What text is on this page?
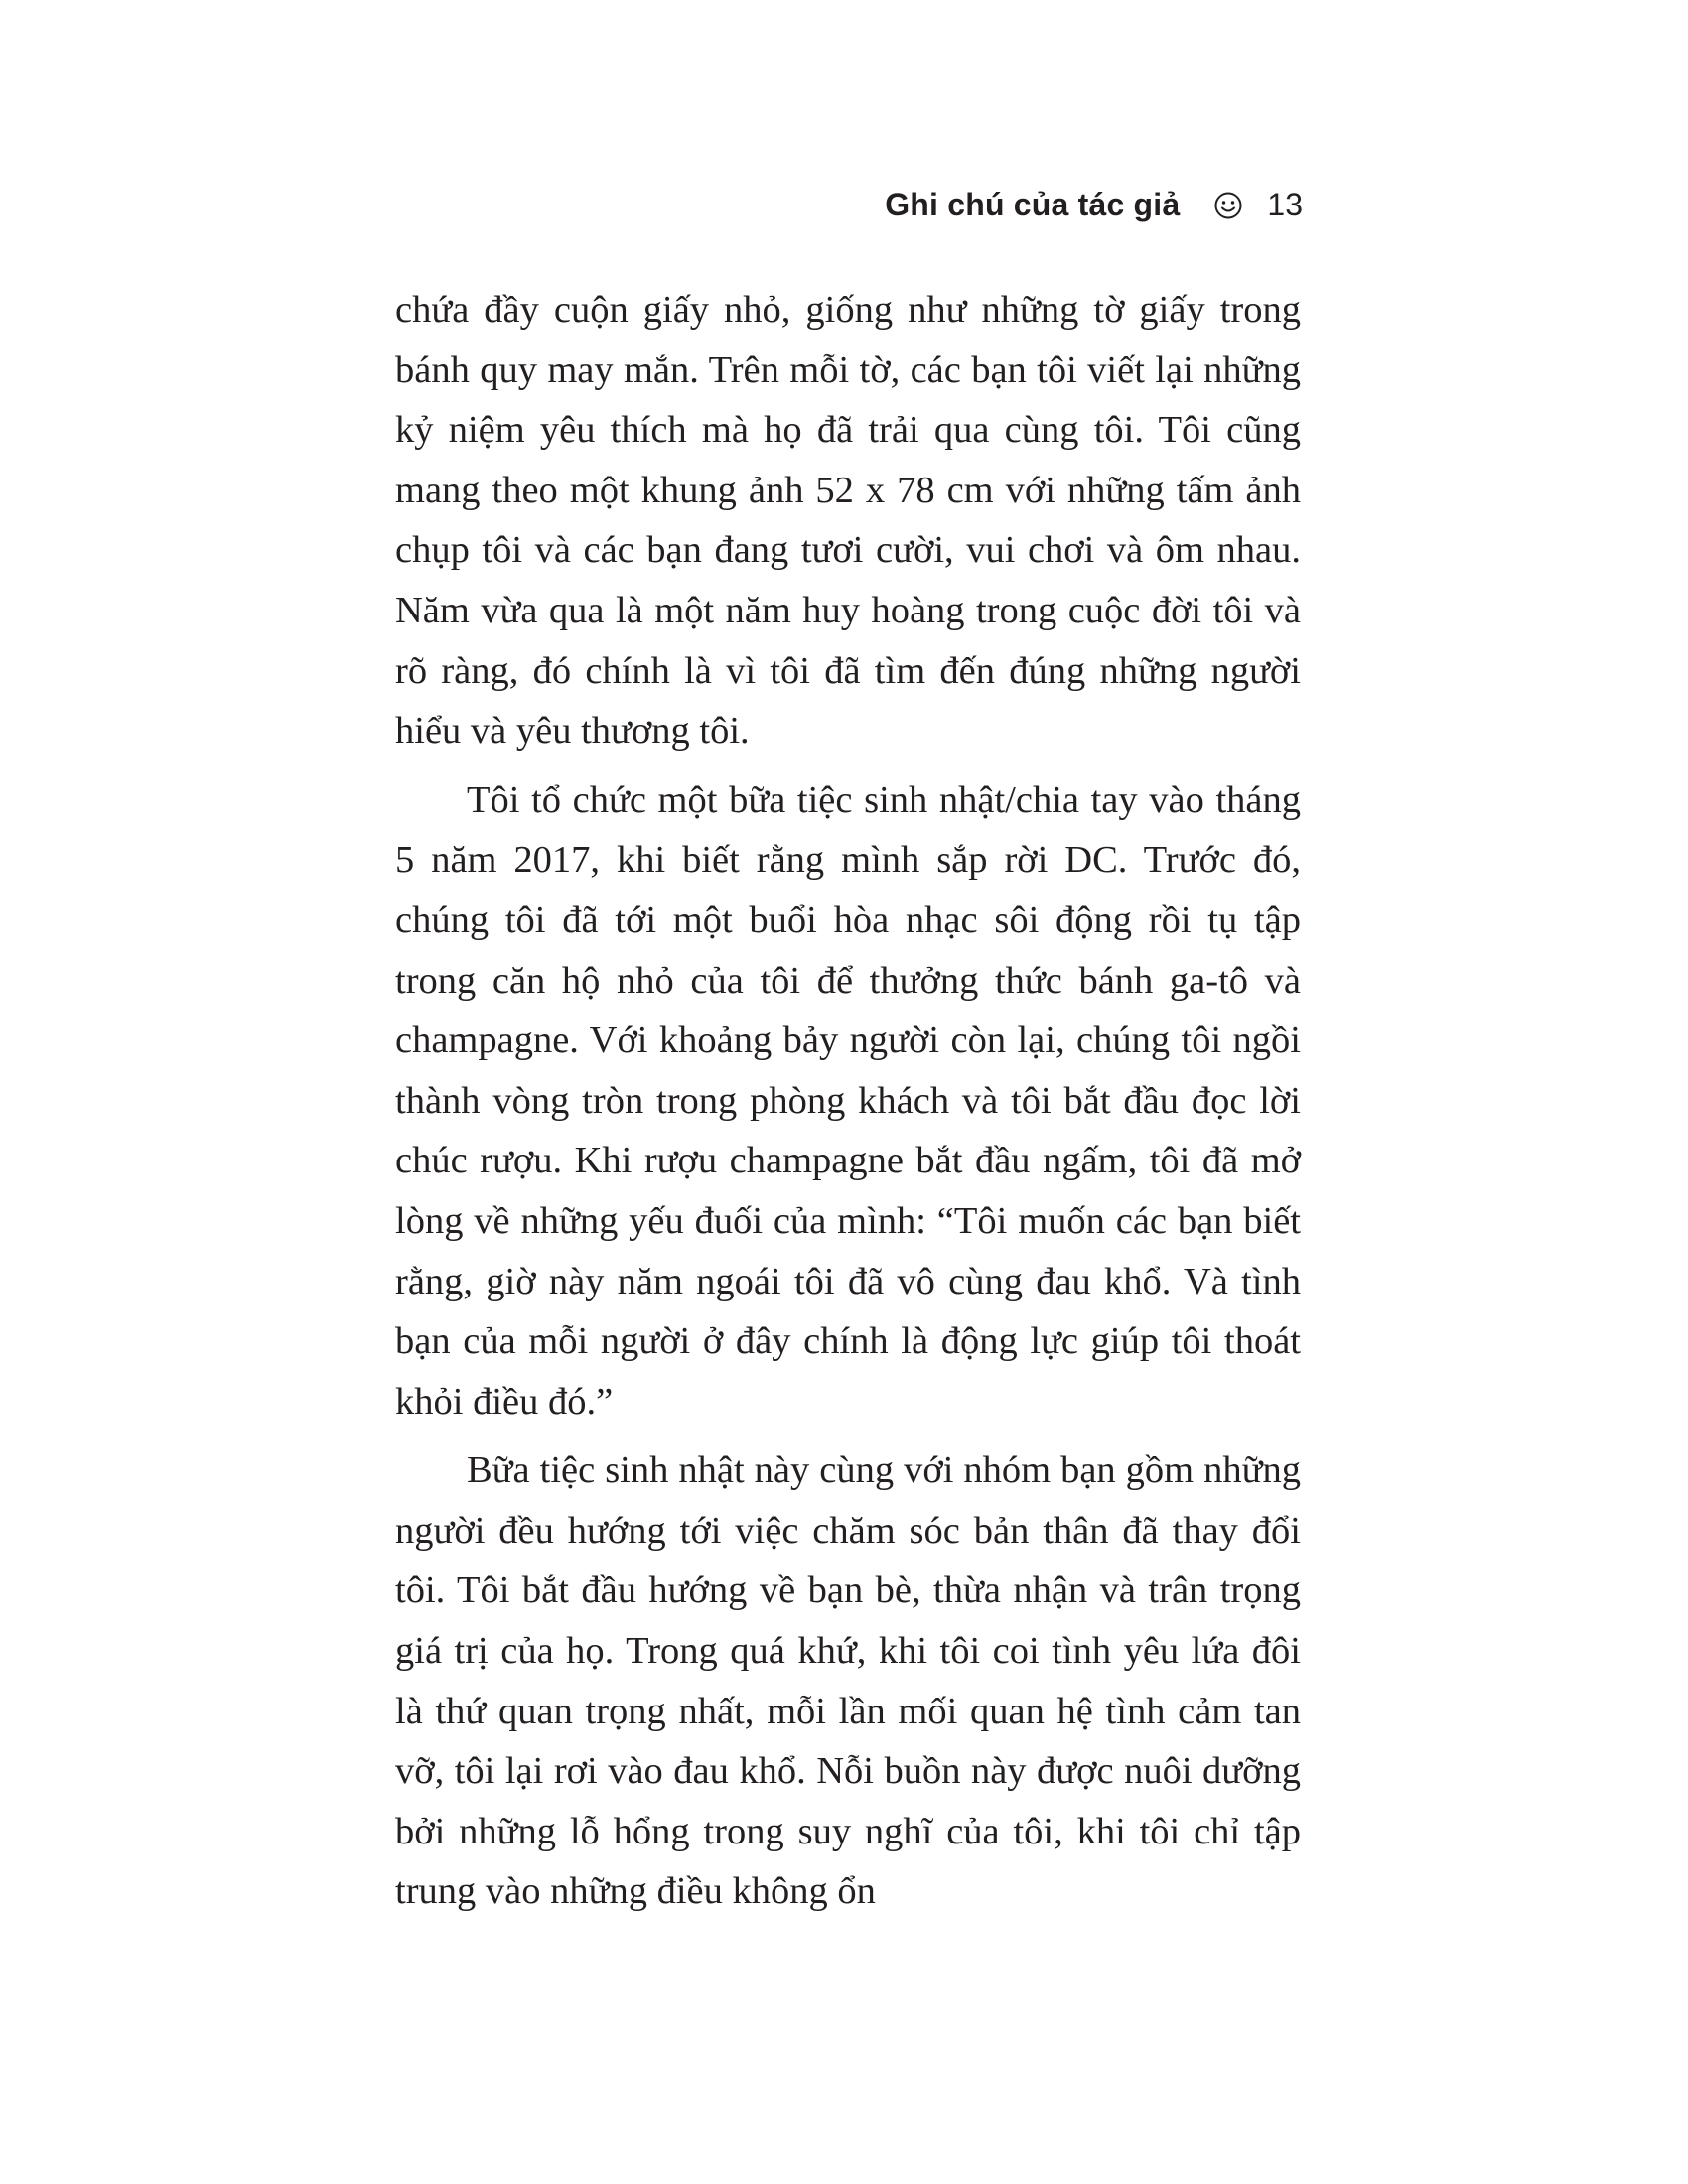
Ghi chú của tác giả	13

chứa đầy cuộn giấy nhỏ, giống như những tờ giấy trong bánh quy may mắn. Trên mỗi tờ, các bạn tôi viết lại những kỷ niệm yêu thích mà họ đã trải qua cùng tôi. Tôi cũng mang theo một khung ảnh 52 x 78 cm với những tấm ảnh chụp tôi và các bạn đang tươi cười, vui chơi và ôm nhau. Năm vừa qua là một năm huy hoàng trong cuộc đời tôi và rõ ràng, đó chính là vì tôi đã tìm đến đúng những người hiểu và yêu thương tôi.

Tôi tổ chức một bữa tiệc sinh nhật/chia tay vào tháng 5 năm 2017, khi biết rằng mình sắp rời DC. Trước đó, chúng tôi đã tới một buổi hòa nhạc sôi động rồi tụ tập trong căn hộ nhỏ của tôi để thưởng thức bánh ga-tô và champagne. Với khoảng bảy người còn lại, chúng tôi ngồi thành vòng tròn trong phòng khách và tôi bắt đầu đọc lời chúc rượu. Khi rượu champagne bắt đầu ngấm, tôi đã mở lòng về những yếu đuối của mình: “Tôi muốn các bạn biết rằng, giờ này năm ngoái tôi đã vô cùng đau khổ. Và tình bạn của mỗi người ở đây chính là động lực giúp tôi thoát khỏi điều đó.”

Bữa tiệc sinh nhật này cùng với nhóm bạn gồm những người đều hướng tới việc chăm sóc bản thân đã thay đổi tôi. Tôi bắt đầu hướng về bạn bè, thừa nhận và trân trọng giá trị của họ. Trong quá khứ, khi tôi coi tình yêu lứa đôi là thứ quan trọng nhất, mỗi lần mối quan hệ tình cảm tan vỡ, tôi lại rơi vào đau khổ. Nỗi buồn này được nuôi dưỡng bởi những lỗ hổng trong suy nghĩ của tôi, khi tôi chỉ tập trung vào những điều không ổn
